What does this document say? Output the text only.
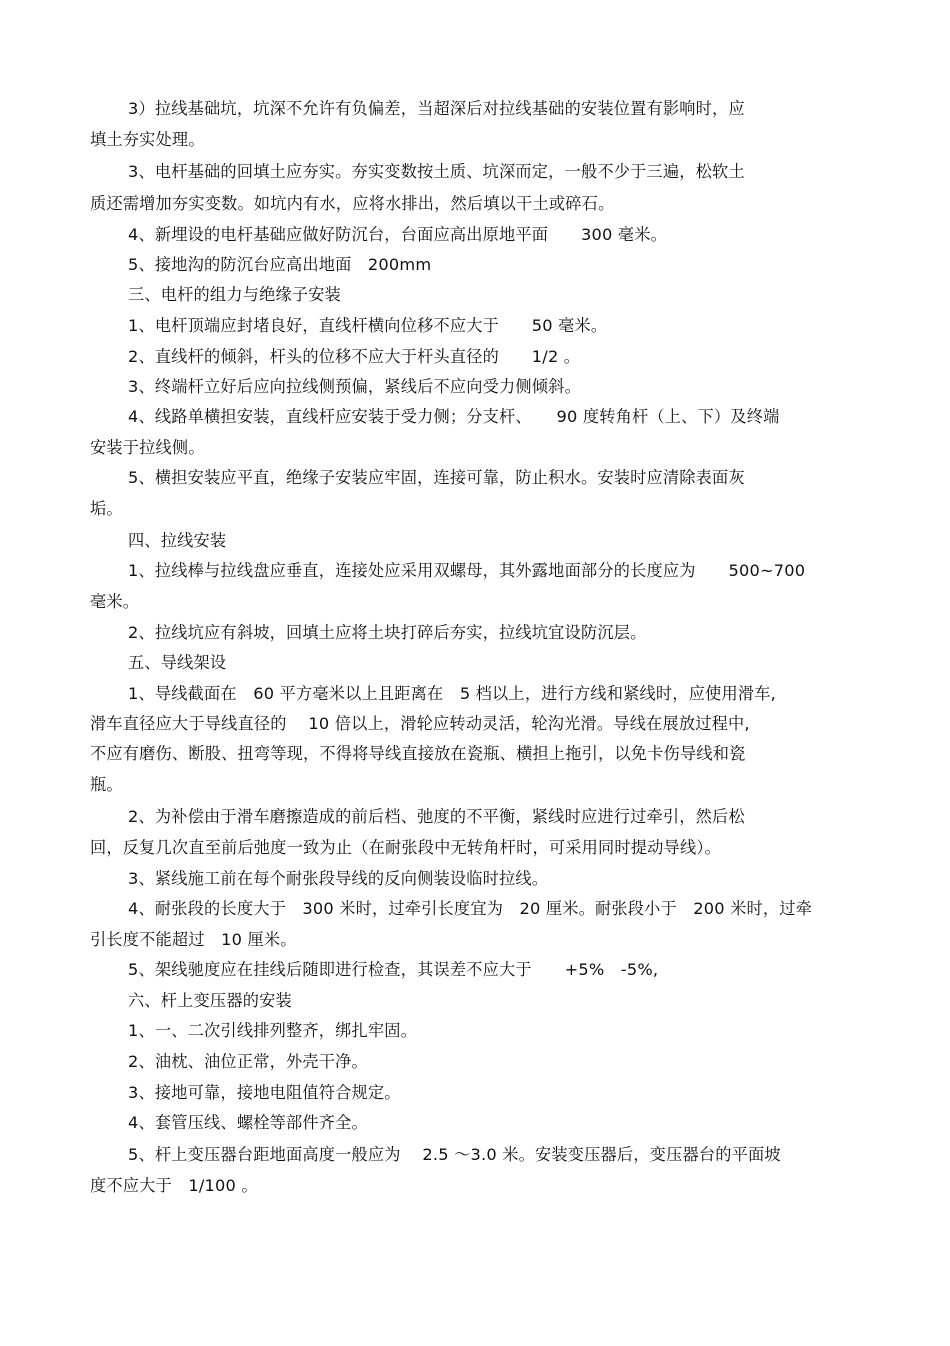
3）拉线基础坑，坑深不允许有负偏差，当超深后对拉线基础的安装位置有影响时，应
填土夯实处理。
3、电杆基础的回填土应夯实。夯实变数按土质、坑深而定，一般不少于三遍，松软土
质还需增加夯实变数。如坑内有水，应将水排出，然后填以干土或碎石。
4、新埋设的电杆基础应做好防沉台，台面应高出原地平面　　300 毫米。
5、接地沟的防沉台应高出地面　200mm
三、电杆的组力与绝缘子安装
1、电杆顶端应封堵良好，直线杆横向位移不应大于　　50 毫米。
2、直线杆的倾斜，杆头的位移不应大于杆头直径的　　1/2 。
3、终端杆立好后应向拉线侧预偏，紧线后不应向受力侧倾斜。
4、线路单横担安装，直线杆应安装于受力侧；分支杆、　　90 度转角杆（上、下）及终端
安装于拉线侧。
5、横担安装应平直，绝缘子安装应牢固，连接可靠，防止积水。安装时应清除表面灰
垢。
四、拉线安装
1、拉线棒与拉线盘应垂直，连接处应采用双螺母，其外露地面部分的长度应为　　500~700
毫米。
2、拉线坑应有斜坡，回填土应将土块打碎后夯实，拉线坑宜设防沉层。
五、导线架设
1、导线截面在　60 平方毫米以上且距离在　5 档以上，进行方线和紧线时，应使用滑车,
滑车直径应大于导线直径的　 10 倍以上，滑轮应转动灵活，轮沟光滑。导线在展放过程中,
不应有磨伤、断股、扭弯等现，不得将导线直接放在瓷瓶、横担上拖引，以免卡伤导线和瓷
瓶。
2、为补偿由于滑车磨擦造成的前后档、弛度的不平衡，紧线时应进行过牵引，然后松
回，反复几次直至前后弛度一致为止（在耐张段中无转角杆时，可采用同时提动导线）。
3、紧线施工前在每个耐张段导线的反向侧装设临时拉线。
4、耐张段的长度大于　300 米时，过牵引长度宜为　20 厘米。耐张段小于　200 米时，过牵
引长度不能超过　10 厘米。
5、架线驰度应在挂线后随即进行检查，其误差不应大于　　+5%　-5%,
六、杆上变压器的安装
1、一、二次引线排列整齐，绑扎牢固。
2、油枕、油位正常，外壳干净。
3、接地可靠，接地电阻值符合规定。
4、套管压线、螺栓等部件齐全。
5、杆上变压器台距地面高度一般应为　 2.5 ～3.0 米。安装变压器后，变压器台的平面坡
度不应大于　1/100 。
